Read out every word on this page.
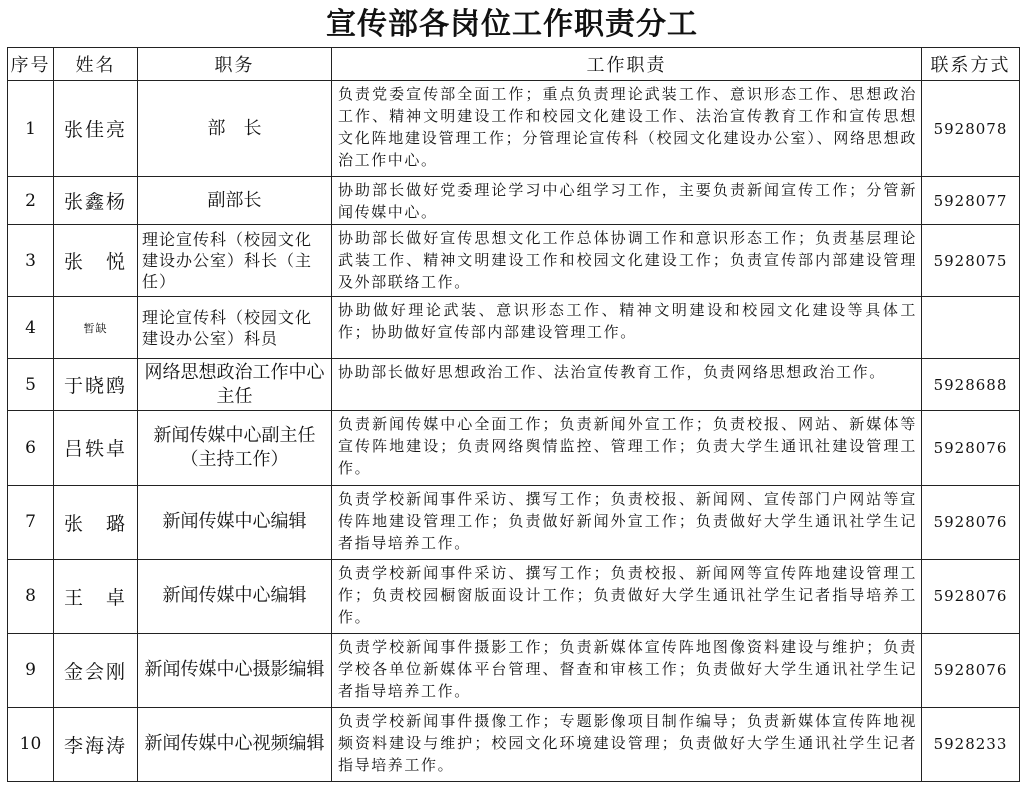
宣传部各岗位工作职责分工
序号	姓名	职务	工作职责	联系方式
1	张佳亮	部　长	负责党委宣传部全面工作；重点负责理论武装工作、意识形态工作、思想政治工作、精神文明建设工作和校园文化建设工作、法治宣传教育工作和宣传思想文化阵地建设管理工作；分管理论宣传科（校园文化建设办公室）、网络思想政治工作中心。	5928078
2	张鑫杨	副部长	协助部长做好党委理论学习中心组学习工作，主要负责新闻宣传工作；分管新闻传媒中心。	5928077
3	张　悦	理论宣传科（校园文化建设办公室）科长（主任）	协助部长做好宣传思想文化工作总体协调工作和意识形态工作；负责基层理论武装工作、精神文明建设工作和校园文化建设工作；负责宣传部内部建设管理及外部联络工作。	5928075
4	暂缺	理论宣传科（校园文化建设办公室）科员	协助做好理论武装、意识形态工作、精神文明建设和校园文化建设等具体工作；协助做好宣传部内部建设管理工作。	
5	于晓鸥	网络思想政治工作中心主任	协助部长做好思想政治工作、法治宣传教育工作，负责网络思想政治工作。	5928688
6	吕轶卓	新闻传媒中心副主任（主持工作）	负责新闻传媒中心全面工作；负责新闻外宣工作；负责校报、网站、新媒体等宣传阵地建设；负责网络舆情监控、管理工作；负责大学生通讯社建设管理工作。	5928076
7	张　璐	新闻传媒中心编辑	负责学校新闻事件采访、撰写工作；负责校报、新闻网、宣传部门户网站等宣传阵地建设管理工作；负责做好新闻外宣工作；负责做好大学生通讯社学生记者指导培养工作。	5928076
8	王　卓	新闻传媒中心编辑	负责学校新闻事件采访、撰写工作；负责校报、新闻网等宣传阵地建设管理工作；负责校园橱窗版面设计工作；负责做好大学生通讯社学生记者指导培养工作。	5928076
9	金会刚	新闻传媒中心摄影编辑	负责学校新闻事件摄影工作；负责新媒体宣传阵地图像资料建设与维护；负责学校各单位新媒体平台管理、督查和审核工作；负责做好大学生通讯社学生记者指导培养工作。	5928076
10	李海涛	新闻传媒中心视频编辑	负责学校新闻事件摄像工作；专题影像项目制作编导；负责新媒体宣传阵地视频资料建设与维护；校园文化环境建设管理；负责做好大学生通讯社学生记者指导培养工作。	5928233
